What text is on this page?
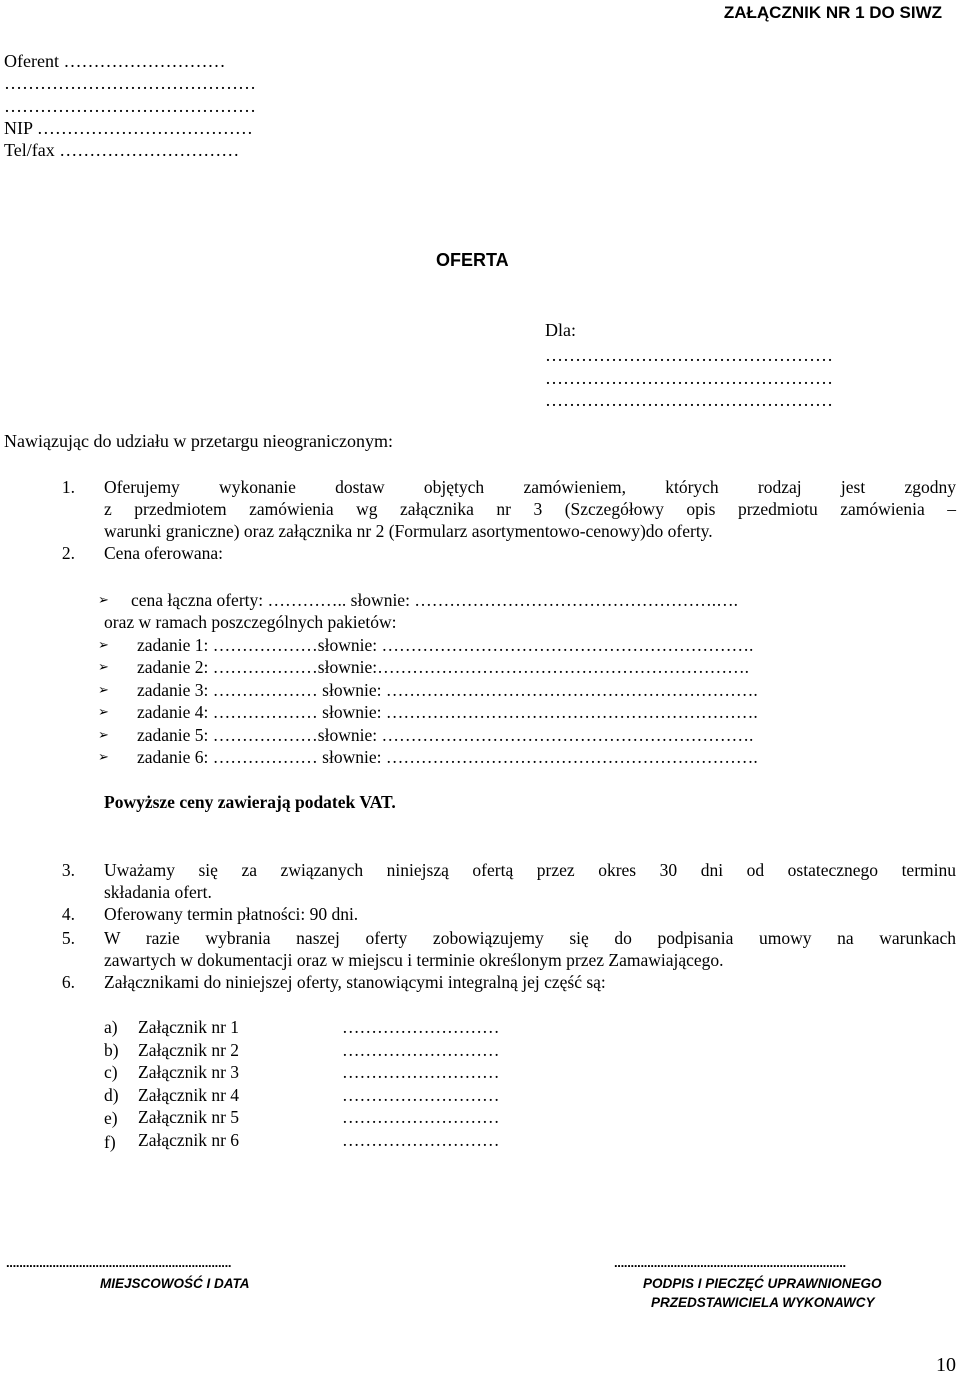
ZAŁĄCZNIK NR 1 DO SIWZ
Oferent ………………………
……………………………………
……………………………………
NIP ………………………………
Tel/fax …………………………
OFERTA
Dla:
…………………………………………
…………………………………………
…………………………………………
Nawiązując do udziału w przetargu nieograniczonym:
1. Oferujemy wykonanie dostaw objętych zamówieniem, których rodzaj jest zgodny
z przedmiotem zamówienia wg załącznika nr 3 (Szczegółowy opis przedmiotu zamówienia –
warunki graniczne) oraz załącznika nr 2 (Formularz asortymentowo-cenowy)do oferty.
2. Cena oferowana:
➢ cena łączna oferty: ………….. słownie: …………………………………………….….
oraz w ramach poszczególnych pakietów:
➢ zadanie 1: ………………słownie: ……………………………………………………….
➢ zadanie 2: ………………słownie:……………………………………………………….
➢ zadanie 3: ……………… słownie: ……………………………………………………….
➢ zadanie 4: ……………… słownie: ……………………………………………………….
➢ zadanie 5: ………………słownie: ……………………………………………………….
➢ zadanie 6: ……………… słownie: ……………………………………………………….
Powyższe ceny zawierają podatek VAT.
3. Uważamy się za związanych niniejszą ofertą przez okres 30 dni od ostatecznego terminu
składania ofert.
4. Oferowany termin płatności: 90 dni.
5. W razie wybrania naszej oferty zobowiązujemy się do podpisania umowy na warunkach
zawartych w dokumentacji oraz w miejscu i terminie określonym przez Zamawiającego.
6. Załącznikami do niniejszej oferty, stanowiącymi integralną jej część są:
a) Załącznik nr 1	………………………
b) Załącznik nr 2	………………………
c) Załącznik nr 3	………………………
d) Załącznik nr 4	………………………
e) Załącznik nr 5	………………………
f) Załącznik nr 6	………………………
....................................................................
MIEJSCOWOŚĆ I DATA
......................................................................
PODPIS I PIECZĘĆ UPRAWNIONEGO
PRZEDSTAWICIELA WYKONAWCY
10
